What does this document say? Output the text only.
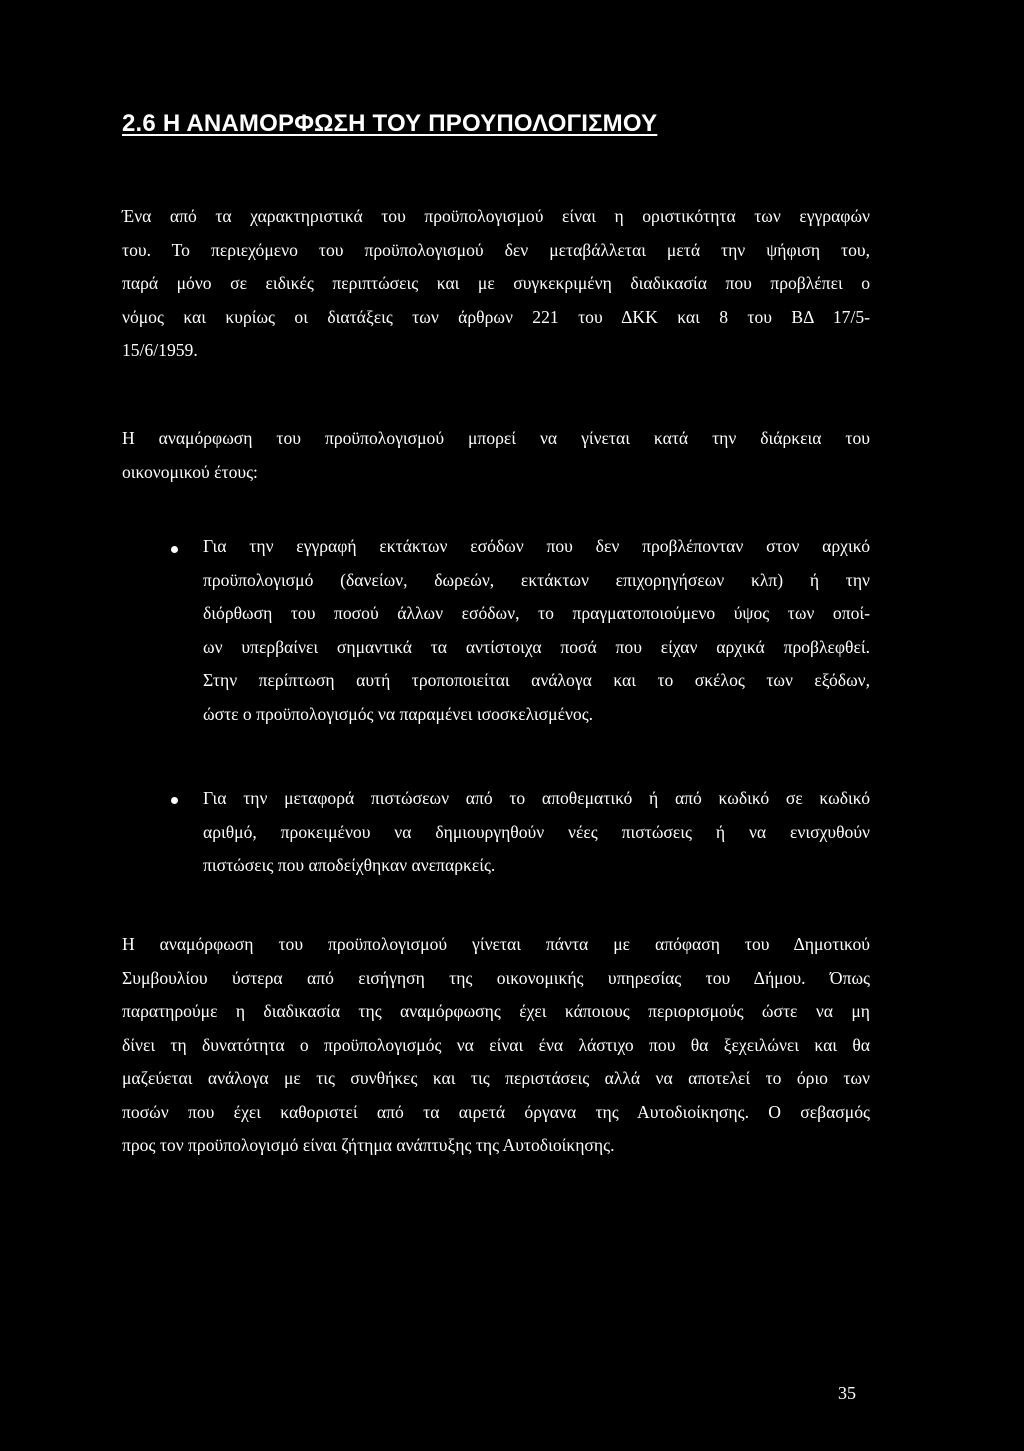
2.6 Η ΑΝΑΜΟΡΦΩΣΗ ΤΟΥ ΠΡΟΥΠΟΛΟΓΙΣΜΟΥ
Ένα από τα χαρακτηριστικά του προϋπολογισμού είναι η οριστικότητα των εγγραφών
του. Το περιεχόμενο του προϋπολογισμού δεν μεταβάλλεται μετά την ψήφιση του,
παρά μόνο σε ειδικές περιπτώσεις και με συγκεκριμένη διαδικασία που προβλέπει ο
νόμος και κυρίως οι διατάξεις των άρθρων 221 του ΔΚΚ και 8 του ΒΔ 17/5-
15/6/1959.
Η αναμόρφωση του προϋπολογισμού μπορεί να γίνεται κατά την διάρκεια του
οικονομικού έτους:
Για την εγγραφή εκτάκτων εσόδων που δεν προβλέπονταν στον αρχικό
προϋπολογισμό (δανείων, δωρεών, εκτάκτων επιχορηγήσεων κλπ) ή την
διόρθωση του ποσού άλλων εσόδων, το πραγματοποιούμενο ύψος των οποί-
ων υπερβαίνει σημαντικά τα αντίστοιχα ποσά που είχαν αρχικά προβλεφθεί.
Στην περίπτωση αυτή τροποποιείται ανάλογα και το σκέλος των εξόδων,
ώστε ο προϋπολογισμός να παραμένει ισοσκελισμένος.
Για την μεταφορά πιστώσεων από το αποθεματικό ή από κωδικό σε κωδικό
αριθμό, προκειμένου να δημιουργηθούν νέες πιστώσεις ή να ενισχυθούν
πιστώσεις που αποδείχθηκαν ανεπαρκείς.
Η αναμόρφωση του προϋπολογισμού γίνεται πάντα με απόφαση του Δημοτικού
Συμβουλίου ύστερα από εισήγηση της οικονομικής υπηρεσίας του Δήμου. Όπως
παρατηρούμε η διαδικασία της αναμόρφωσης έχει κάποιους περιορισμούς ώστε να μη
δίνει τη δυνατότητα ο προϋπολογισμός να είναι ένα λάστιχο που θα ξεχειλώνει και θα
μαζεύεται ανάλογα με τις συνθήκες και τις περιστάσεις αλλά να αποτελεί το όριο των
ποσών που έχει καθοριστεί από τα αιρετά όργανα της Αυτοδιοίκησης. Ο σεβασμός
προς τον προϋπολογισμό είναι ζήτημα ανάπτυξης της Αυτοδιοίκησης.
35
